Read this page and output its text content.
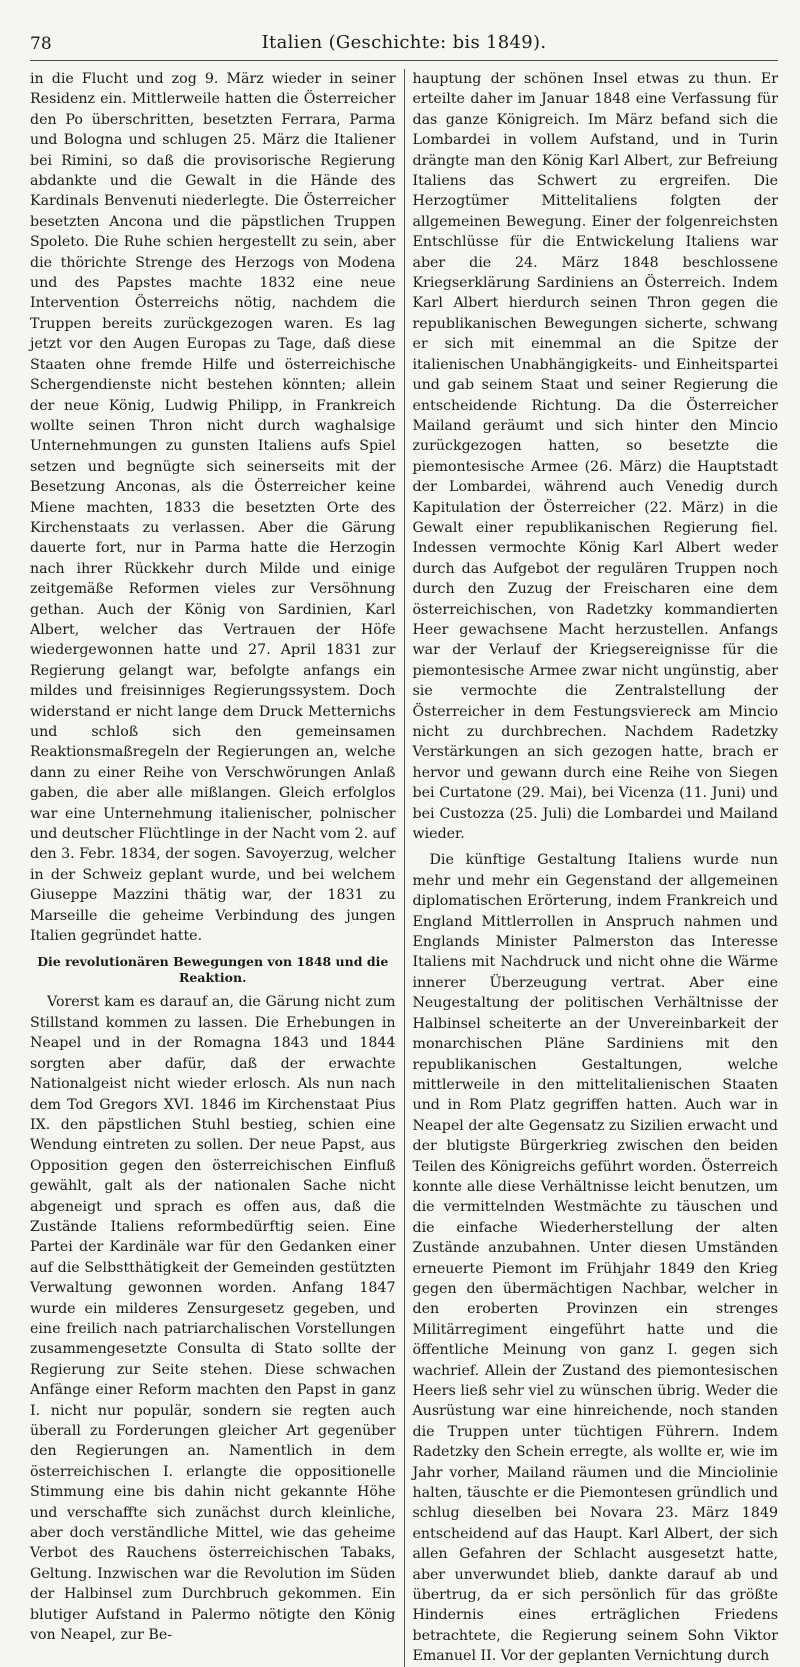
78	Italien (Geschichte: bis 1849).

in die Flucht und zog 9. März wieder in seiner Residenz ein. Mittlerweile hatten die Österreicher den Po überschritten, besetzten Ferrara, Parma und Bologna und schlugen 25. März die Italiener bei Rimini, so daß die provisorische Regierung abdankte und die Gewalt in die Hände des Kardinals Benvenuti niederlegte. Die Österreicher besetzten Ancona und die päpstlichen Truppen Spoleto. Die Ruhe schien hergestellt zu sein, aber die thörichte Strenge des Herzogs von Modena und des Papstes machte 1832 eine neue Intervention Österreichs nötig, nachdem die Truppen bereits zurückgezogen waren. Es lag jetzt vor den Augen Europas zu Tage, daß diese Staaten ohne fremde Hilfe und österreichische Schergendienste nicht bestehen könnten; allein der neue König, Ludwig Philipp, in Frankreich wollte seinen Thron nicht durch waghalsige Unternehmungen zu gunsten Italiens aufs Spiel setzen und begnügte sich seinerseits mit der Besetzung Anconas, als die Österreicher keine Miene machten, 1833 die besetzten Orte des Kirchenstaats zu verlassen. Aber die Gärung dauerte fort, nur in Parma hatte die Herzogin nach ihrer Rückkehr durch Milde und einige zeitgemäße Reformen vieles zur Versöhnung gethan. Auch der König von Sardinien, Karl Albert, welcher das Vertrauen der Höfe wiedergewonnen hatte und 27. April 1831 zur Regierung gelangt war, befolgte anfangs ein mildes und freisinniges Regierungssystem. Doch widerstand er nicht lange dem Druck Metternichs und schloß sich den gemeinsamen Reaktionsmaßregeln der Regierungen an, welche dann zu einer Reihe von Verschwörungen Anlaß gaben, die aber alle mißlangen. Gleich erfolglos war eine Unternehmung italienischer, polnischer und deutscher Flüchtlinge in der Nacht vom 2. auf den 3. Febr. 1834, der sogen. Savoyerzug, welcher in der Schweiz geplant wurde, und bei welchem Giuseppe Mazzini thätig war, der 1831 zu Marseille die geheime Verbindung des jungen Italien gegründet hatte.

Die revolutionären Bewegungen von 1848 und die Reaktion.

Vorerst kam es darauf an, die Gärung nicht zum Stillstand kommen zu lassen. Die Erhebungen in Neapel und in der Romagna 1843 und 1844 sorgten aber dafür, daß der erwachte Nationalgeist nicht wieder erlosch. Als nun nach dem Tod Gregors XVI. 1846 im Kirchenstaat Pius IX. den päpstlichen Stuhl bestieg, schien eine Wendung eintreten zu sollen. Der neue Papst, aus Opposition gegen den österreichischen Einfluß gewählt, galt als der nationalen Sache nicht abgeneigt und sprach es offen aus, daß die Zustände Italiens reformbedürftig seien. Eine Partei der Kardinäle war für den Gedanken einer auf die Selbstthätigkeit der Gemeinden gestützten Verwaltung gewonnen worden. Anfang 1847 wurde ein milderes Zensurgesetz gegeben, und eine freilich nach patriarchalischen Vorstellungen zusammengesetzte Consulta di Stato sollte der Regierung zur Seite stehen. Diese schwachen Anfänge einer Reform machten den Papst in ganz I. nicht nur populär, sondern sie regten auch überall zu Forderungen gleicher Art gegenüber den Regierungen an. Namentlich in dem österreichischen I. erlangte die oppositionelle Stimmung eine bis dahin nicht gekannte Höhe und verschaffte sich zunächst durch kleinliche, aber doch verständliche Mittel, wie das geheime Verbot des Rauchens österreichischen Tabaks, Geltung. Inzwischen war die Revolution im Süden der Halbinsel zum Durchbruch gekommen. Ein blutiger Aufstand in Palermo nötigte den König von Neapel, zur Be-

hauptung der schönen Insel etwas zu thun. Er erteilte daher im Januar 1848 eine Verfassung für das ganze Königreich. Im März befand sich die Lombardei in vollem Aufstand, und in Turin drängte man den König Karl Albert, zur Befreiung Italiens das Schwert zu ergreifen. Die Herzogtümer Mittelitaliens folgten der allgemeinen Bewegung. Einer der folgenreichsten Entschlüsse für die Entwickelung Italiens war aber die 24. März 1848 beschlossene Kriegserklärung Sardiniens an Österreich. Indem Karl Albert hierdurch seinen Thron gegen die republikanischen Bewegungen sicherte, schwang er sich mit einemmal an die Spitze der italienischen Unabhängigkeits- und Einheitspartei und gab seinem Staat und seiner Regierung die entscheidende Richtung. Da die Österreicher Mailand geräumt und sich hinter den Mincio zurückgezogen hatten, so besetzte die piemontesische Armee (26. März) die Hauptstadt der Lombardei, während auch Venedig durch Kapitulation der Österreicher (22. März) in die Gewalt einer republikanischen Regierung fiel. Indessen vermochte König Karl Albert weder durch das Aufgebot der regulären Truppen noch durch den Zuzug der Freischaren eine dem österreichischen, von Radetzky kommandierten Heer gewachsene Macht herzustellen. Anfangs war der Verlauf der Kriegsereignisse für die piemontesische Armee zwar nicht ungünstig, aber sie vermochte die Zentralstellung der Österreicher in dem Festungsviereck am Mincio nicht zu durchbrechen. Nachdem Radetzky Verstärkungen an sich gezogen hatte, brach er hervor und gewann durch eine Reihe von Siegen bei Curtatone (29. Mai), bei Vicenza (11. Juni) und bei Custozza (25. Juli) die Lombardei und Mailand wieder.

Die künftige Gestaltung Italiens wurde nun mehr und mehr ein Gegenstand der allgemeinen diplomatischen Erörterung, indem Frankreich und England Mittlerrollen in Anspruch nahmen und Englands Minister Palmerston das Interesse Italiens mit Nachdruck und nicht ohne die Wärme innerer Überzeugung vertrat. Aber eine Neugestaltung der politischen Verhältnisse der Halbinsel scheiterte an der Unvereinbarkeit der monarchischen Pläne Sardiniens mit den republikanischen Gestaltungen, welche mittlerweile in den mittelitalienischen Staaten und in Rom Platz gegriffen hatten. Auch war in Neapel der alte Gegensatz zu Sizilien erwacht und der blutigste Bürgerkrieg zwischen den beiden Teilen des Königreichs geführt worden. Österreich konnte alle diese Verhältnisse leicht benutzen, um die vermittelnden Westmächte zu täuschen und die einfache Wiederherstellung der alten Zustände anzubahnen. Unter diesen Umständen erneuerte Piemont im Frühjahr 1849 den Krieg gegen den übermächtigen Nachbar, welcher in den eroberten Provinzen ein strenges Militärregiment eingeführt hatte und die öffentliche Meinung von ganz I. gegen sich wachrief. Allein der Zustand des piemontesischen Heers ließ sehr viel zu wünschen übrig. Weder die Ausrüstung war eine hinreichende, noch standen die Truppen unter tüchtigen Führern. Indem Radetzky den Schein erregte, als wollte er, wie im Jahr vorher, Mailand räumen und die Minciolinie halten, täuschte er die Piemontesen gründlich und schlug dieselben bei Novara 23. März 1849 entscheidend auf das Haupt. Karl Albert, der sich allen Gefahren der Schlacht ausgesetzt hatte, aber unverwundet blieb, dankte darauf ab und übertrug, da er sich persönlich für das größte Hindernis eines erträglichen Friedens betrachtete, die Regierung seinem Sohn Viktor Emanuel II. Vor der geplanten Vernichtung durch
